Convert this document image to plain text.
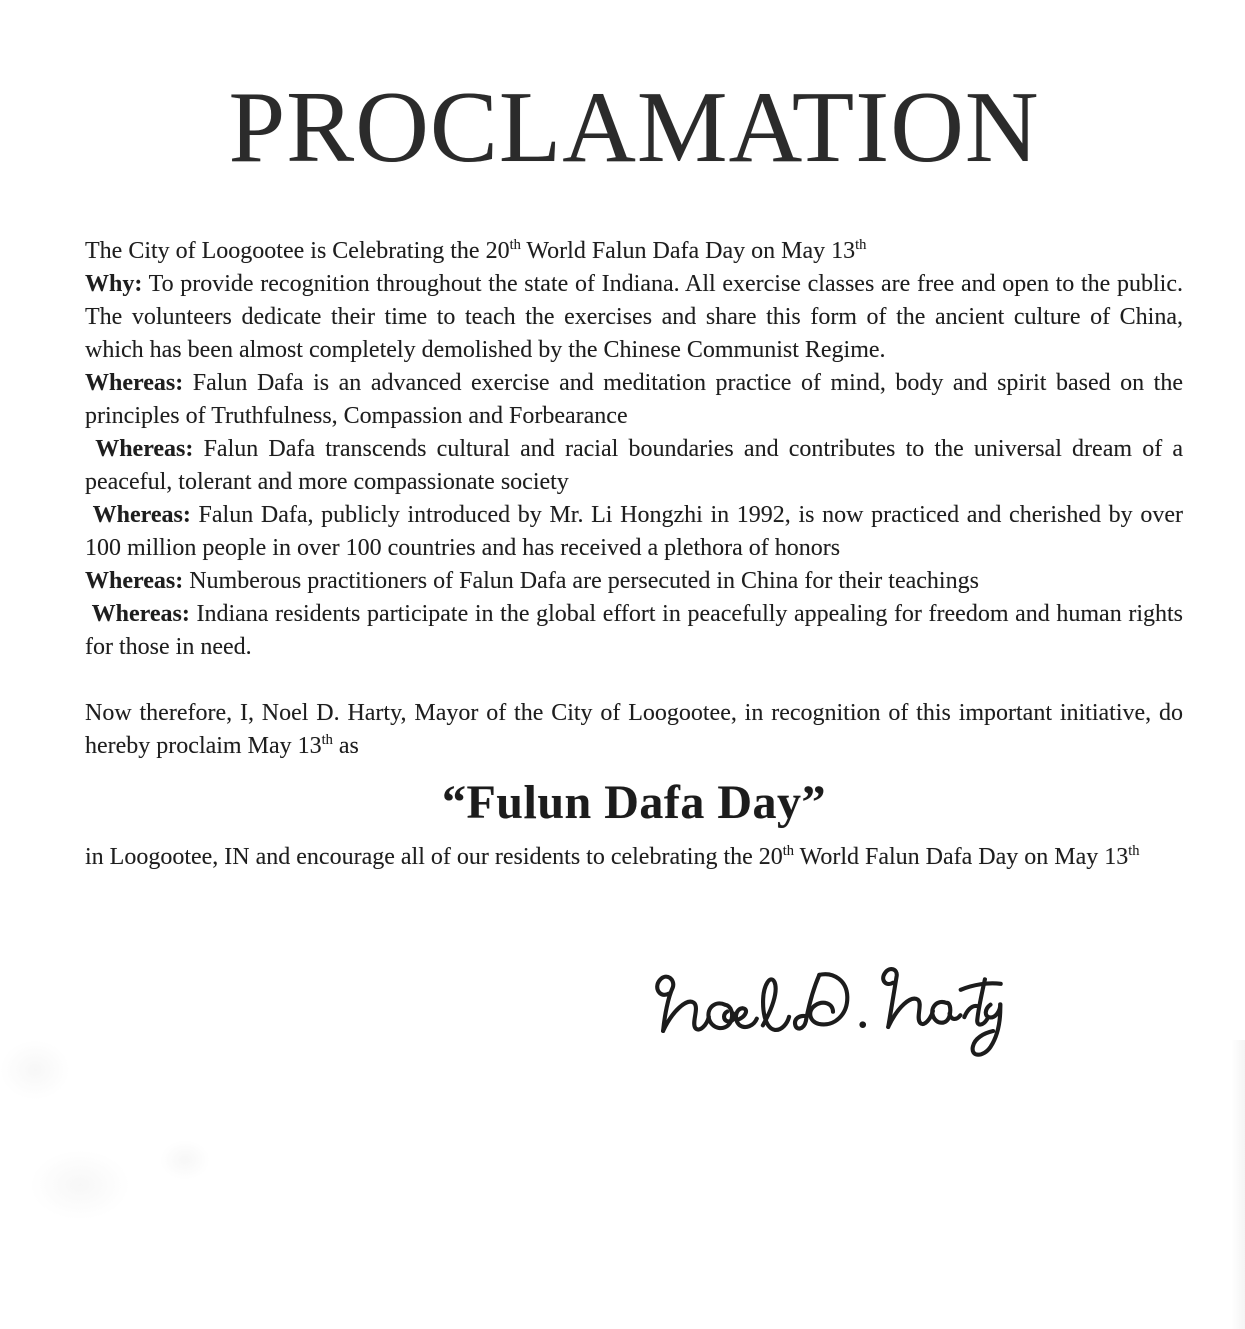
PROCLAMATION

The City of Loogootee is Celebrating the 20th World Falun Dafa Day on May 13th

Why: To provide recognition throughout the state of Indiana. All exercise classes are free and open to the public. The volunteers dedicate their time to teach the exercises and share this form of the ancient culture of China, which has been almost completely demolished by the Chinese Communist Regime.

Whereas: Falun Dafa is an advanced exercise and meditation practice of mind, body and spirit based on the principles of Truthfulness, Compassion and Forbearance

Whereas: Falun Dafa transcends cultural and racial boundaries and contributes to the universal dream of a peaceful, tolerant and more compassionate society

Whereas: Falun Dafa, publicly introduced by Mr. Li Hongzhi in 1992, is now practiced and cherished by over 100 million people in over 100 countries and has received a plethora of honors

Whereas: Numberous practitioners of Falun Dafa are persecuted in China for their teachings

Whereas: Indiana residents participate in the global effort in peacefully appealing for freedom and human rights for those in need.

Now therefore, I, Noel D. Harty, Mayor of the City of Loogootee, in recognition of this important initiative, do hereby proclaim May 13th as

“Fulun Dafa Day”

in Loogootee, IN and encourage all of our residents to celebrating the 20th World Falun Dafa Day on May 13th
